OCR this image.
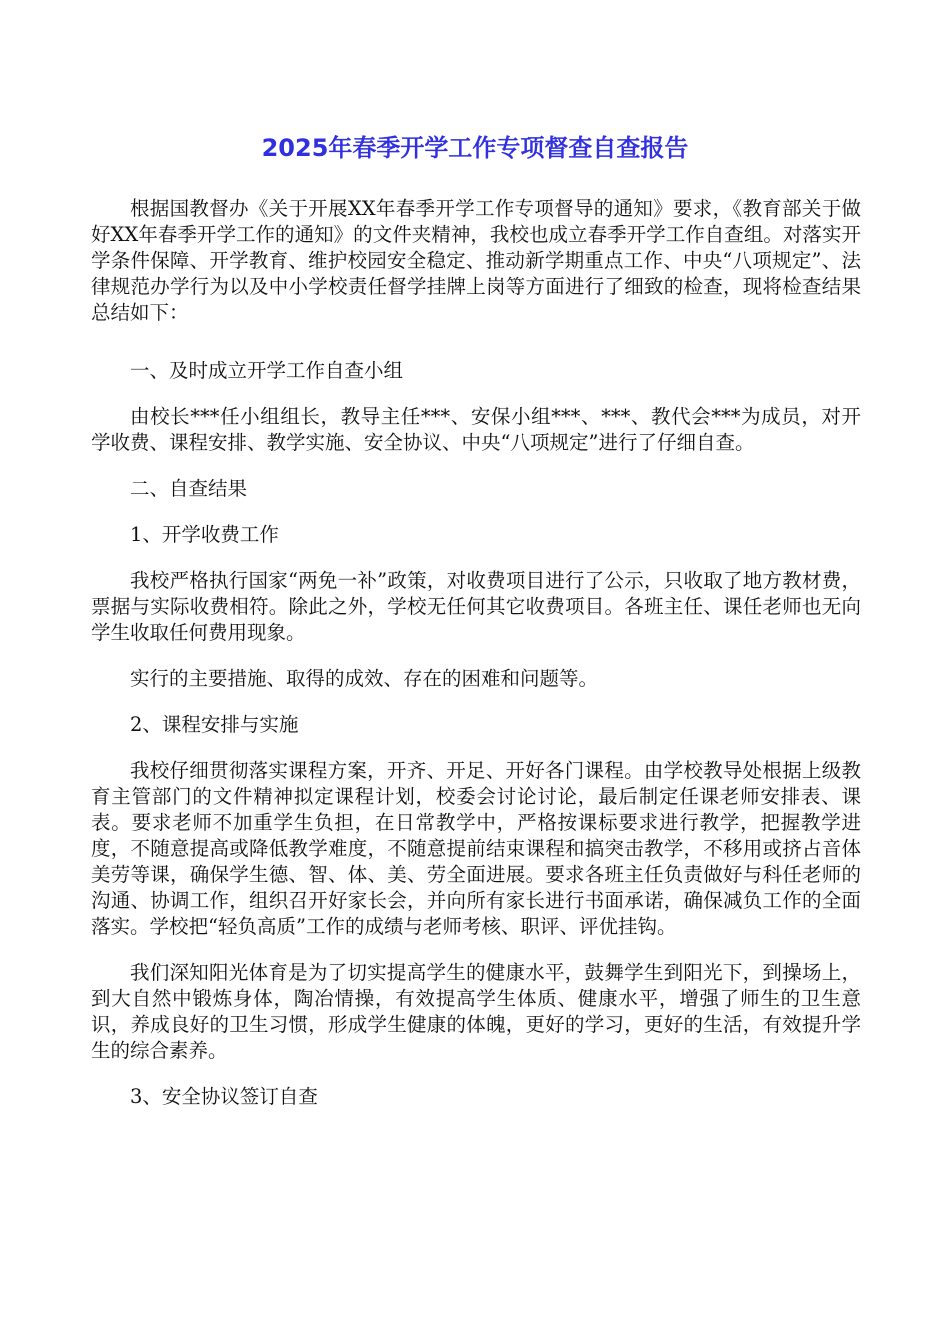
2025年春季开学工作专项督查自查报告

根据国教督办《关于开展XX年春季开学工作专项督导的通知》要求，《教育部关于做好XX年春季开学工作的通知》的文件夹精神，我校也成立春季开学工作自查组。对落实开学条件保障、开学教育、维护校园安全稳定、推动新学期重点工作、中央“八项规定”、法律规范办学行为以及中小学校责任督学挂牌上岗等方面进行了细致的检查，现将检查结果总结如下：

一、及时成立开学工作自查小组

由校长***任小组组长，教导主任***、安保小组***、***、教代会***为成员，对开学收费、课程安排、教学实施、安全协议、中央“八项规定”进行了仔细自查。

二、自查结果

1、开学收费工作

我校严格执行国家“两免一补”政策，对收费项目进行了公示，只收取了地方教材费，票据与实际收费相符。除此之外，学校无任何其它收费项目。各班主任、课任老师也无向学生收取任何费用现象。

实行的主要措施、取得的成效、存在的困难和问题等。

2、课程安排与实施

我校仔细贯彻落实课程方案，开齐、开足、开好各门课程。由学校教导处根据上级教育主管部门的文件精神拟定课程计划，校委会讨论讨论，最后制定任课老师安排表、课表。要求老师不加重学生负担，在日常教学中，严格按课标要求进行教学，把握教学进度，不随意提高或降低教学难度，不随意提前结束课程和搞突击教学，不移用或挤占音体美劳等课，确保学生德、智、体、美、劳全面进展。要求各班主任负责做好与科任老师的沟通、协调工作，组织召开好家长会，并向所有家长进行书面承诺，确保减负工作的全面落实。学校把“轻负高质”工作的成绩与老师考核、职评、评优挂钩。

我们深知阳光体育是为了切实提高学生的健康水平，鼓舞学生到阳光下，到操场上，到大自然中锻炼身体，陶冶情操，有效提高学生体质、健康水平，增强了师生的卫生意识，养成良好的卫生习惯，形成学生健康的体魄，更好的学习，更好的生活，有效提升学生的综合素养。

3、安全协议签订自查
